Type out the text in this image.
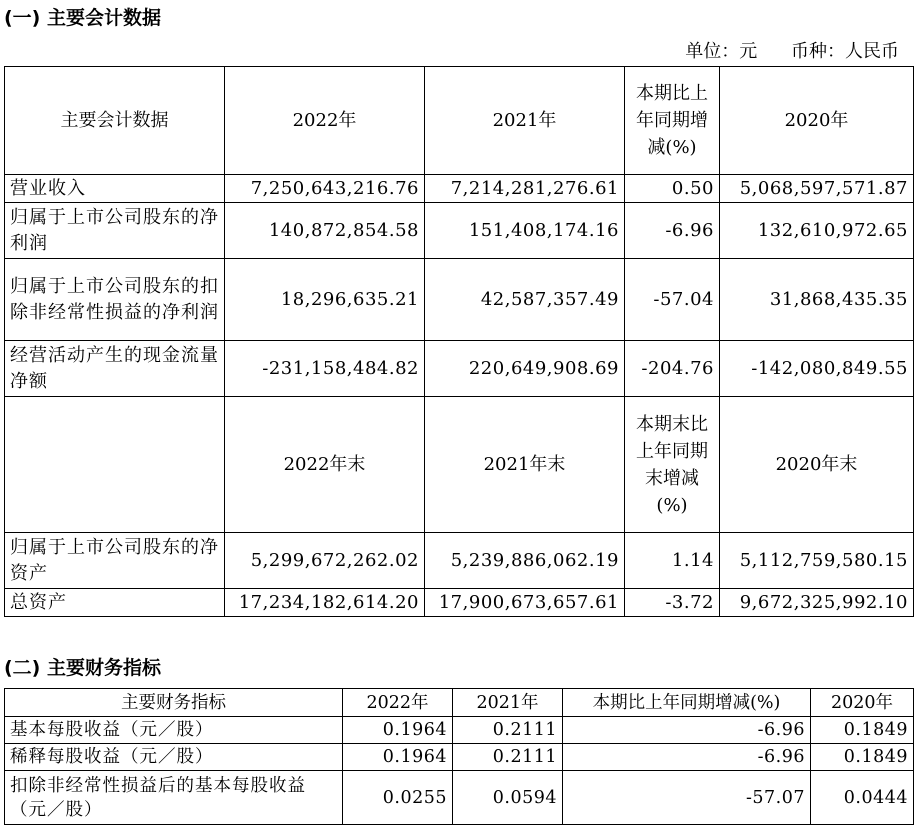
(一) 主要会计数据
单位：元 币种：人民币
主要会计数据	2022年	2021年	本期比上年同期增减(%)	2020年
营业收入	7,250,643,216.76	7,214,281,276.61	0.50	5,068,597,571.87
归属于上市公司股东的净利润	140,872,854.58	151,408,174.16	-6.96	132,610,972.65
归属于上市公司股东的扣除非经常性损益的净利润	18,296,635.21	42,587,357.49	-57.04	31,868,435.35
经营活动产生的现金流量净额	-231,158,484.82	220,649,908.69	-204.76	-142,080,849.55
	2022年末	2021年末	本期末比上年同期末增减(%)	2020年末
归属于上市公司股东的净资产	5,299,672,262.02	5,239,886,062.19	1.14	5,112,759,580.15
总资产	17,234,182,614.20	17,900,673,657.61	-3.72	9,672,325,992.10
(二) 主要财务指标
主要财务指标	2022年	2021年	本期比上年同期增减(%)	2020年
基本每股收益（元／股）	0.1964	0.2111	-6.96	0.1849
稀释每股收益（元／股）	0.1964	0.2111	-6.96	0.1849
扣除非经常性损益后的基本每股收益（元／股）	0.0255	0.0594	-57.07	0.0444
